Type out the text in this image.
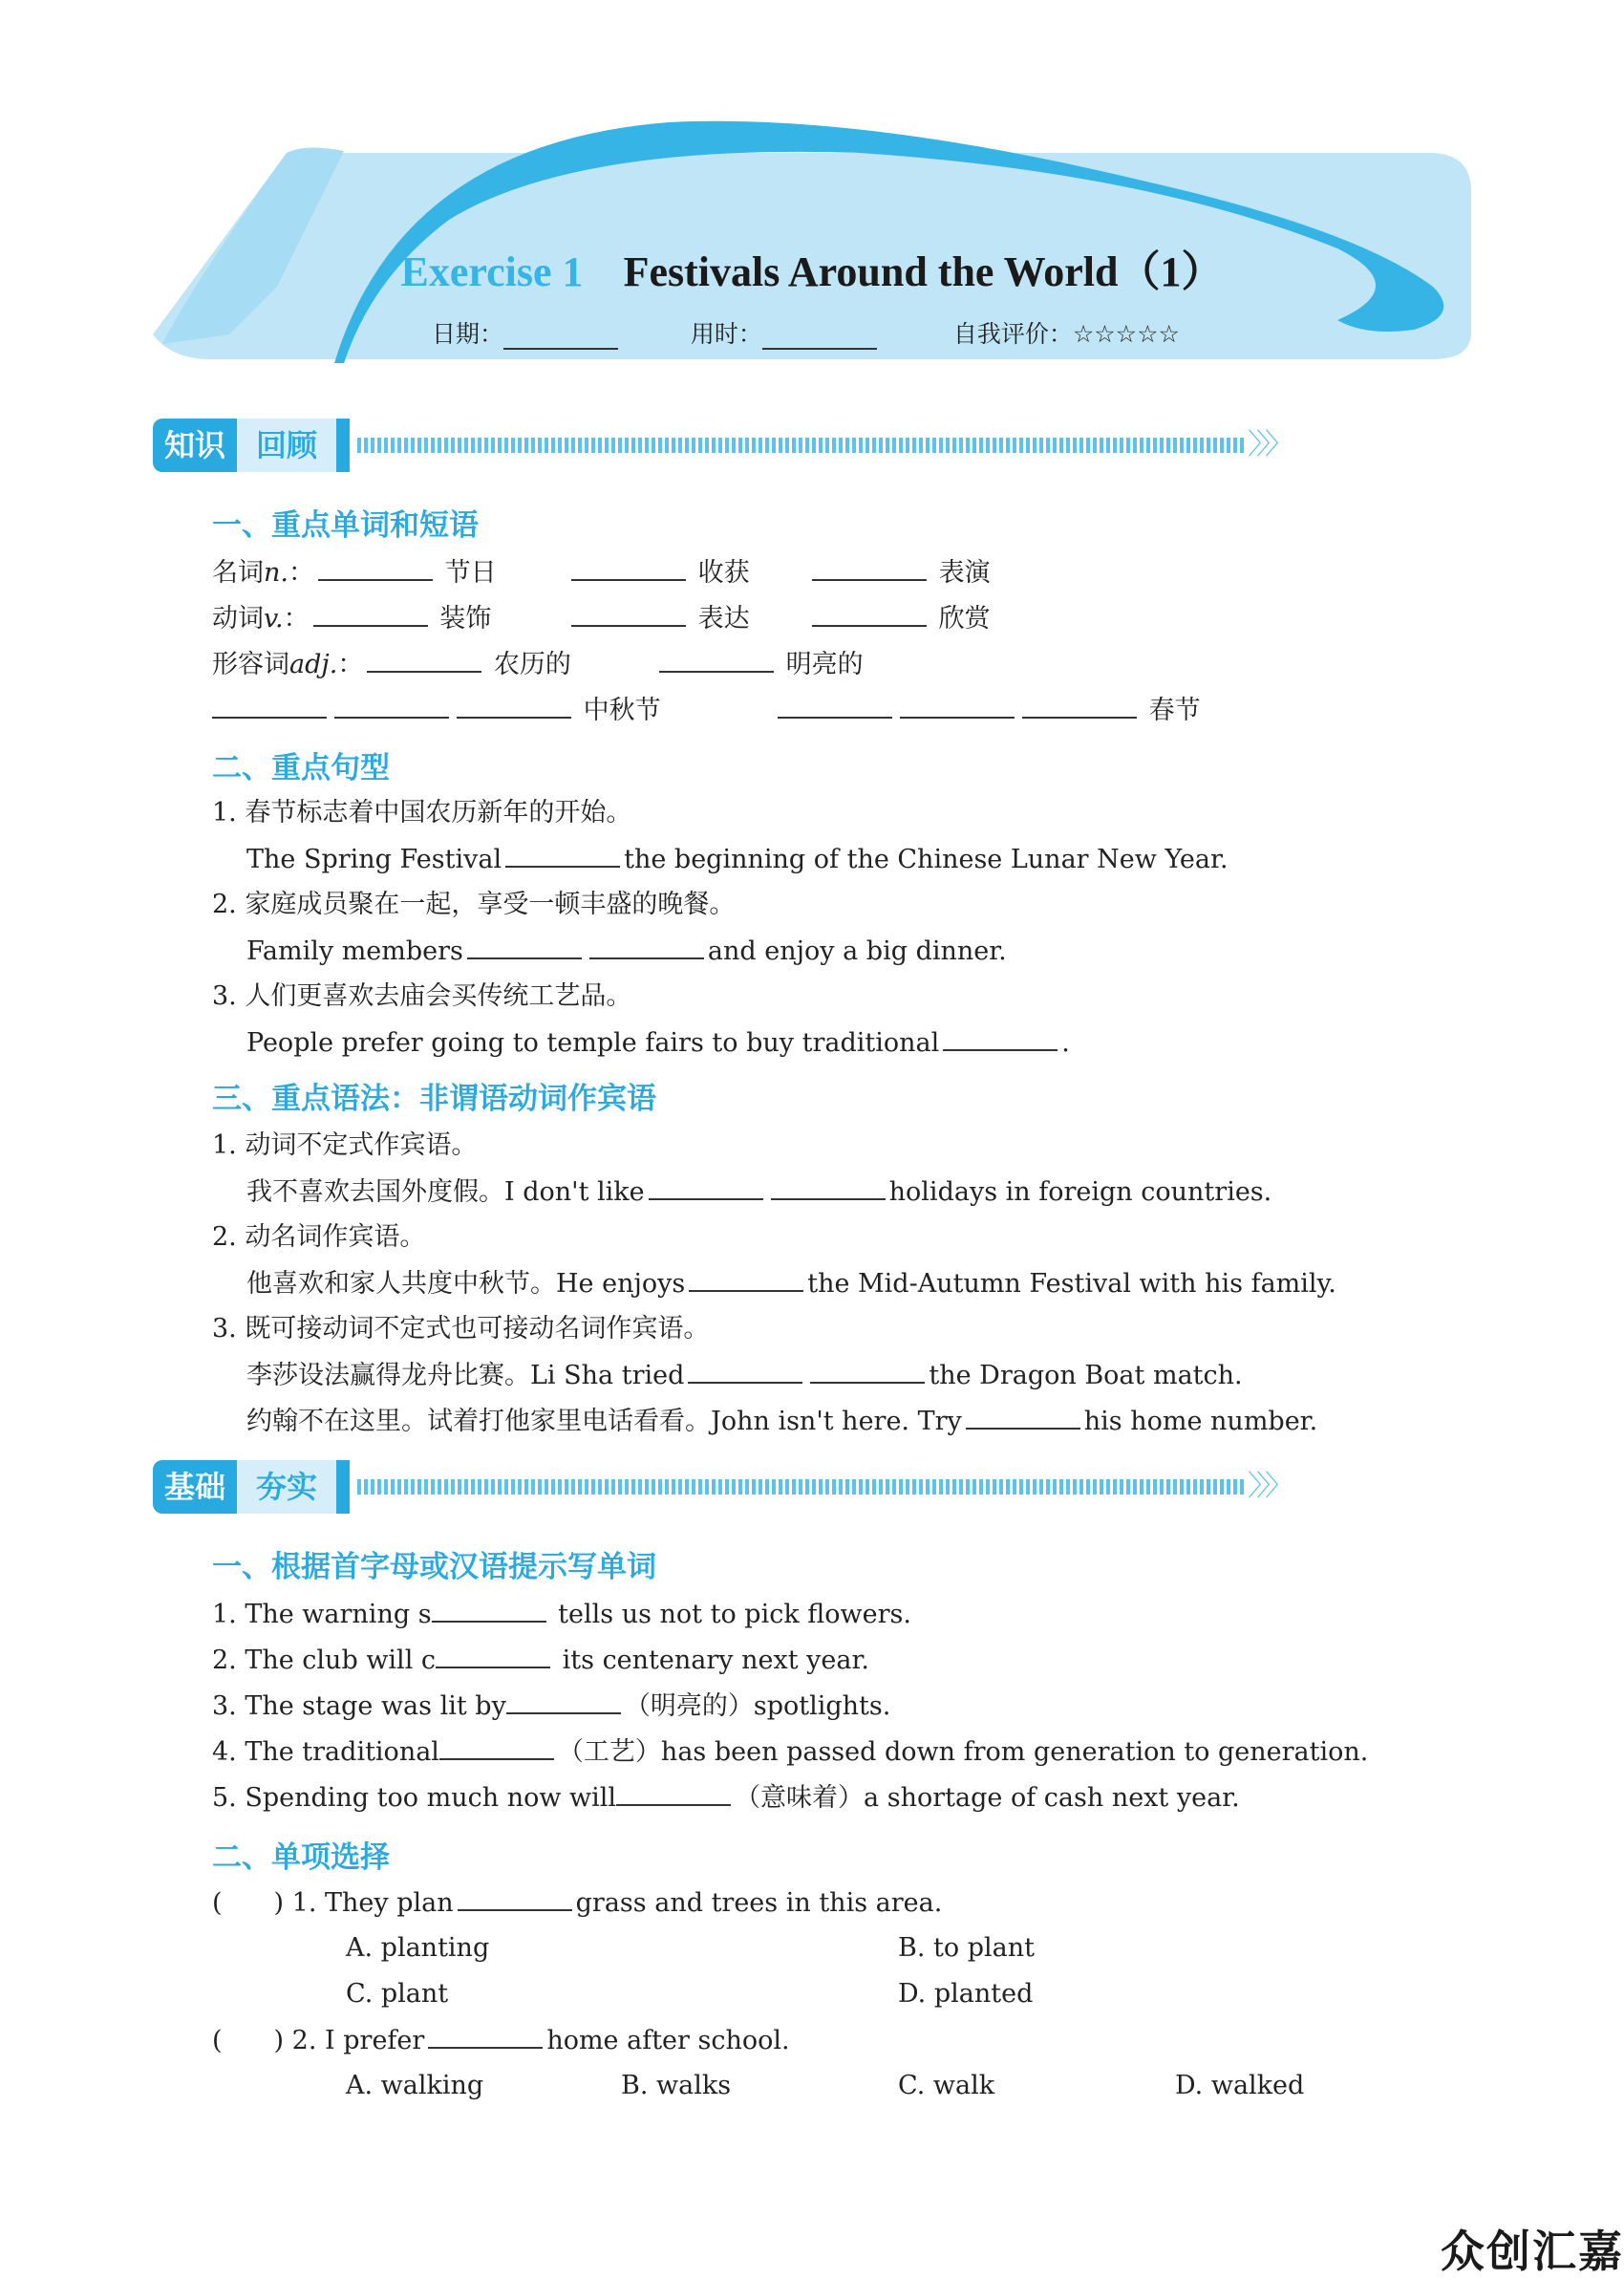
Exercise 1 Festivals Around the World（1）
日期：	用时：	自我评价：☆☆☆☆☆
知识 回顾	〉〉〉
一、重点单词和短语
名词n.：	节日	收获	表演
动词v.：	装饰	表达	欣赏
形容词adj.：	农历的	明亮的
中秋节	春节
二、重点句型
1. 春节标志着中国农历新年的开始。
The Spring Festival	the beginning of the Chinese Lunar New Year.
2. 家庭成员聚在一起，享受一顿丰盛的晚餐。
Family members	and enjoy a big dinner.
3. 人们更喜欢去庙会买传统工艺品。
People prefer going to temple fairs to buy traditional	.
三、重点语法：非谓语动词作宾语
1. 动词不定式作宾语。
我不喜欢去国外度假。I don't like	holidays in foreign countries.
2. 动名词作宾语。
他喜欢和家人共度中秋节。He enjoys	the Mid-Autumn Festival with his family.
3. 既可接动词不定式也可接动名词作宾语。
李莎设法赢得龙舟比赛。Li Sha tried	the Dragon Boat match.
约翰不在这里。试着打他家里电话看看。John isn't here. Try	his home number.
基础 夯实	〉〉〉
一、根据首字母或汉语提示写单词
1. The warning s	tells us not to pick flowers.
2. The club will c	its centenary next year.
3. The stage was lit by	（明亮的）spotlights.
4. The traditional	（工艺）has been passed down from generation to generation.
5. Spending too much now will	（意味着）a shortage of cash next year.
二、单项选择
(　　) 1. They plan	grass and trees in this area.
A. planting	B. to plant
C. plant	D. planted
(　　) 2. I prefer	home after school.
A. walking	B. walks	C. walk	D. walked
众创汇嘉
